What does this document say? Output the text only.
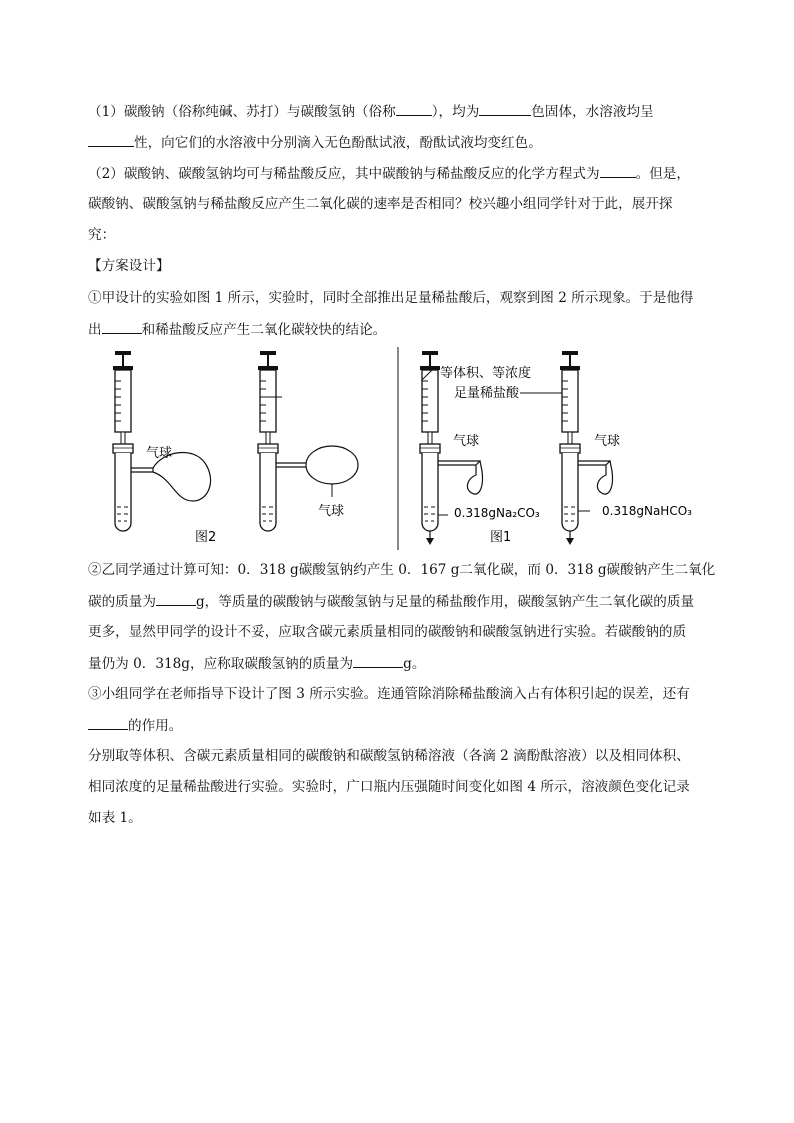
（1）碳酸钠（俗称纯碱、苏打）与碳酸氢钠（俗称	），均为	色固体，水溶液均呈
性，向它们的水溶液中分别滴入无色酚酞试液，酚酞试液均变红色。
（2）碳酸钠、碳酸氢钠均可与稀盐酸反应，其中碳酸钠与稀盐酸反应的化学方程式为	。但是，
碳酸钠、碳酸氢钠与稀盐酸反应产生二氧化碳的速率是否相同？校兴趣小组同学针对于此，展开探
究：
【方案设计】
①甲设计的实验如图 1 所示，实验时，同时全部推出足量稀盐酸后，观察到图 2 所示现象。于是他得
出	和稀盐酸反应产生二氧化碳较快的结论。
气球
气球
图2
等体积、等浓度
足量稀盐酸
气球
0.318gNa₂CO₃
图1
气球
0.318gNaHCO₃
②乙同学通过计算可知：0．318 g碳酸氢钠约产生 0．167 g二氧化碳，而 0．318 g碳酸钠产生二氧化
碳的质量为	g，等质量的碳酸钠与碳酸氢钠与足量的稀盐酸作用，碳酸氢钠产生二氧化碳的质量
更多，显然甲同学的设计不妥，应取含碳元素质量相同的碳酸钠和碳酸氢钠进行实验。若碳酸钠的质
量仍为 0．318g，应称取碳酸氢钠的质量为	g。
③小组同学在老师指导下设计了图 3 所示实验。连通管除消除稀盐酸滴入占有体积引起的误差，还有
的作用。
分别取等体积、含碳元素质量相同的碳酸钠和碳酸氢钠稀溶液（各滴 2 滴酚酞溶液）以及相同体积、
相同浓度的足量稀盐酸进行实验。实验时，广口瓶内压强随时间变化如图 4 所示，溶液颜色变化记录
如表 1。
